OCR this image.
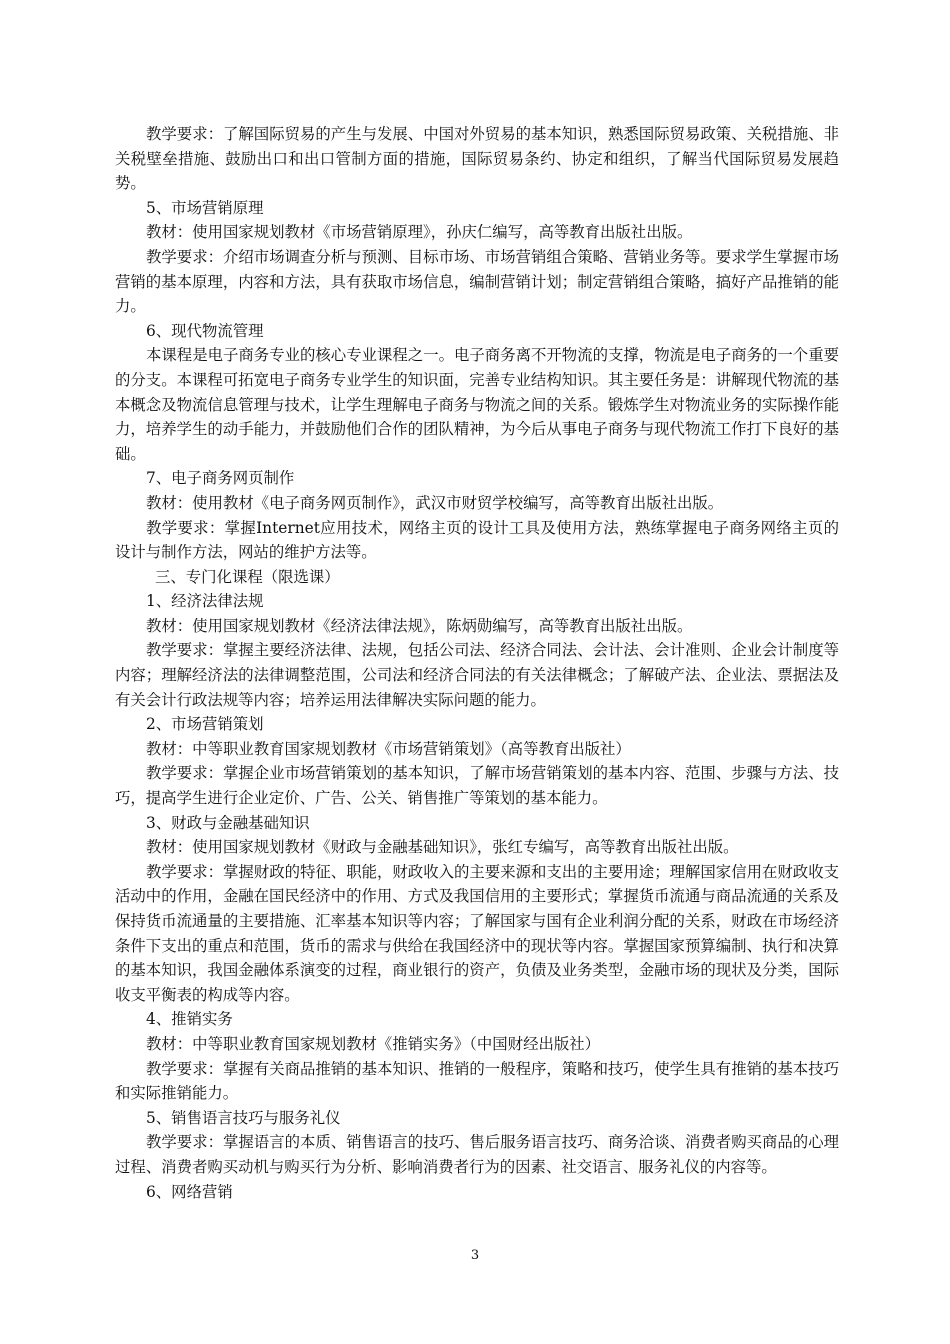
教学要求：了解国际贸易的产生与发展、中国对外贸易的基本知识，熟悉国际贸易政策、关税措施、非关税壁垒措施、鼓励出口和出口管制方面的措施，国际贸易条约、协定和组织，了解当代国际贸易发展趋势。

5、市场营销原理

教材：使用国家规划教材《市场营销原理》，孙庆仁编写，高等教育出版社出版。

教学要求：介绍市场调查分析与预测、目标市场、市场营销组合策略、营销业务等。要求学生掌握市场营销的基本原理，内容和方法，具有获取市场信息，编制营销计划；制定营销组合策略，搞好产品推销的能力。

6、现代物流管理

本课程是电子商务专业的核心专业课程之一。电子商务离不开物流的支撑，物流是电子商务的一个重要的分支。本课程可拓宽电子商务专业学生的知识面，完善专业结构知识。其主要任务是：讲解现代物流的基本概念及物流信息管理与技术，让学生理解电子商务与物流之间的关系。锻炼学生对物流业务的实际操作能力，培养学生的动手能力，并鼓励他们合作的团队精神，为今后从事电子商务与现代物流工作打下良好的基础。

7、电子商务网页制作

教材：使用教材《电子商务网页制作》，武汉市财贸学校编写，高等教育出版社出版。

教学要求：掌握Internet应用技术，网络主页的设计工具及使用方法，熟练掌握电子商务网络主页的设计与制作方法，网站的维护方法等。

三、专门化课程（限选课）

1、经济法律法规

教材：使用国家规划教材《经济法律法规》，陈炳勋编写，高等教育出版社出版。

教学要求：掌握主要经济法律、法规，包括公司法、经济合同法、会计法、会计准则、企业会计制度等内容；理解经济法的法律调整范围，公司法和经济合同法的有关法律概念；了解破产法、企业法、票据法及有关会计行政法规等内容；培养运用法律解决实际问题的能力。

2、市场营销策划

教材：中等职业教育国家规划教材《市场营销策划》（高等教育出版社）

教学要求：掌握企业市场营销策划的基本知识，了解市场营销策划的基本内容、范围、步骤与方法、技巧，提高学生进行企业定价、广告、公关、销售推广等策划的基本能力。

3、财政与金融基础知识

教材：使用国家规划教材《财政与金融基础知识》，张红专编写，高等教育出版社出版。

教学要求：掌握财政的特征、职能，财政收入的主要来源和支出的主要用途；理解国家信用在财政收支活动中的作用，金融在国民经济中的作用、方式及我国信用的主要形式；掌握货币流通与商品流通的关系及保持货币流通量的主要措施、汇率基本知识等内容；了解国家与国有企业利润分配的关系，财政在市场经济条件下支出的重点和范围，货币的需求与供给在我国经济中的现状等内容。掌握国家预算编制、执行和决算的基本知识，我国金融体系演变的过程，商业银行的资产，负债及业务类型，金融市场的现状及分类，国际收支平衡表的构成等内容。

4、推销实务

教材：中等职业教育国家规划教材《推销实务》（中国财经出版社）

教学要求：掌握有关商品推销的基本知识、推销的一般程序，策略和技巧，使学生具有推销的基本技巧和实际推销能力。

5、销售语言技巧与服务礼仪

教学要求：掌握语言的本质、销售语言的技巧、售后服务语言技巧、商务洽谈、消费者购买商品的心理过程、消费者购买动机与购买行为分析、影响消费者行为的因素、社交语言、服务礼仪的内容等。

6、网络营销

3
